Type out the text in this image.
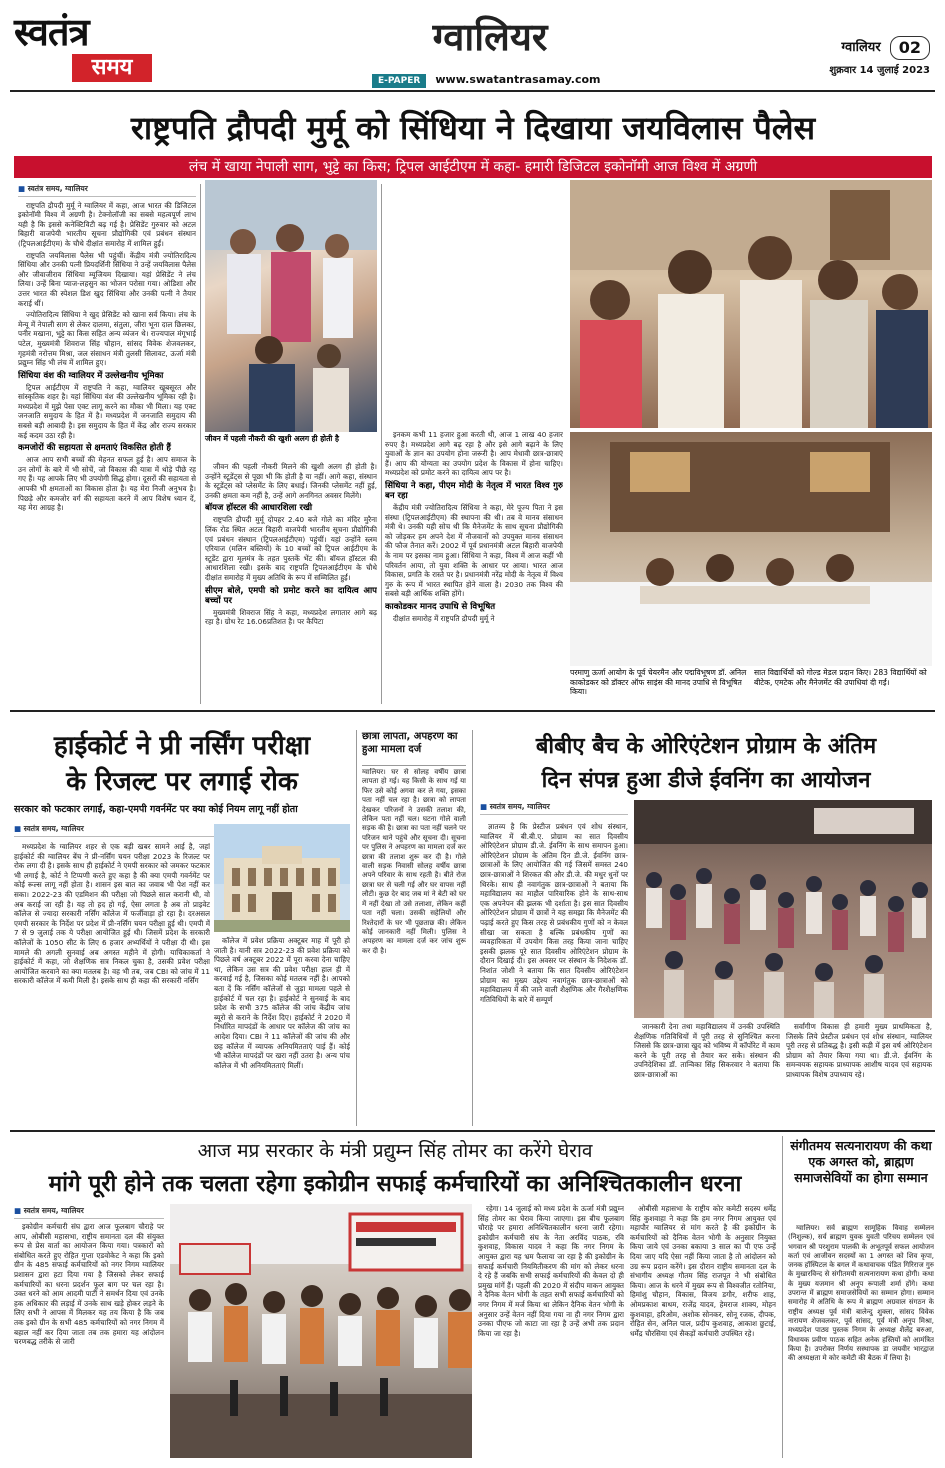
स्वतंत्र
समय
ग्वालियर
E-PAPER www.swatantrasamay.com
ग्वालियर 02
शुक्रवार 14 जुलाई 2023
राष्ट्रपति द्रौपदी मुर्मू को सिंधिया ने दिखाया जयविलास पैलेस
लंच में खाया नेपाली साग, भुट्टे का किस; ट्रिपल आईटीएम में कहा- हमारी डिजिटल इकोनॉमी आज विश्व में अग्रणी
■ स्वतंत्र समय, ग्वालियर

राष्ट्रपति द्रौपदी मुर्मू ने ग्वालियर में कहा, आज भारत की डिजिटल इकोनॉमी विश्व में अग्रणी है। टेक्नोलॉजी का सबसे महत्वपूर्ण लाभ यही है कि इससे कनेक्टिविटी बढ़ गई है। प्रेसिडेंट गुरुवार को अटल बिहारी वाजपेयी भारतीय सूचना प्रौद्योगिकी एवं प्रबंधन संस्थान (ट्रिपलआईटीएम) के चौथे दीक्षांत समारोह में शामिल हुईं।

राष्ट्रपति जयविलास पैलेस भी पहुंचीं। केंद्रीय मंत्री ज्योतिरादित्य सिंधिया और उनकी पत्नी प्रियदर्शिनी सिंधिया ने उन्हें जयविलास पैलेस और जीवाजीराव सिंधिया म्यूजियम दिखाया। यहां प्रेसिडेंट ने लंच लिया। उन्हें बिना प्याज-लहसुन का भोजन परोसा गया। ओडिशा और उत्तर भारत की स्पेशल डिश खुद सिंधिया और उनकी पत्नी ने तैयार कराई थीं।

ज्योतिरादित्य सिंधिया ने खुद प्रेसिडेंट को खाना सर्व किया। लंच के मेन्यू में नेपाली साग से लेकर दालमा, संतुला, जीरा भूना दाल छिलका, पनीर मखाना, भुट्टे का किस सहित अन्य व्यंजन थे। राज्यपाल मंगूभाई पटेल, मुख्यमंत्री शिवराज सिंह चौहान, सांसद विवेक शेजवलकर, गृहमंत्री नरोत्तम मिश्रा, जल संसाधन मंत्री तुलसी सिलावट, ऊर्जा मंत्री प्रद्युम्न सिंह भी लंच में शामिल हुए।

सिंधिया वंश की ग्वालियर में उल्लेखनीय भूमिका

ट्रिपल आईटीएम में राष्ट्रपति ने कहा, ग्वालियर खूबसूरत और सांस्कृतिक शहर है। यहां सिंधिया वंश की उल्लेखनीय भूमिका रही है। मध्यप्रदेश में मुझे पेसा एक्ट लागू करने का मौका भी मिला। यह एक्ट जनजाति समुदाय के हित में है। मध्यप्रदेश में जनजाति समुदाय की सबसे बड़ी आबादी है। इस समुदाय के हित में केंद्र और राज्य सरकार कई कदम उठा रही है।

कमजोरों की सहायता से क्षमताएं विकसित होती हैं

आज आप सभी बच्चों की मेहनत सफल हुई है। आप समाज के उन लोगों के बारे में भी सोचें, जो विकास की यात्रा में थोड़े पीछे रह गए हैं। यह आपके लिए भी उपयोगी सिद्ध होगा। दूसरों की सहायता से आपकी भी क्षमताओं का विकास होता है। यह मेरा निजी अनुभव है। पिछड़े और कमजोर वर्ग की सहायता करने में आप विशेष ध्यान दें, यह मेरा आग्रह है।

जीवन में पहली नौकरी की खुशी अलग ही होती है

जीवन की पहली नौकरी मिलने की खुशी अलग ही होती है। उन्होंने स्टूडेंट्स से पूछा भी कि होती है या नहीं। आगे कहा, संस्थान के स्टूडेंट्स को प्लेसमेंट के लिए बधाई। जिनकी प्लेसमेंट नहीं हुई, उनकी क्षमता कम नहीं है, उन्हें आगे अनगिनत अवसर मिलेंगे।

बॉयज हॉस्टल की आधारशिला रखी

राष्ट्रपति द्रौपदी मुर्मू दोपहर 2.40 बजे गोले का मंदिर मुरैना लिंक रोड स्थित अटल बिहारी वाजपेयी भारतीय सूचना प्रौद्योगिकी एवं प्रबंधन संस्थान (ट्रिपलआईटीएम) पहुंचीं। यहां उन्होंने स्लम एरियाज (मलिन बस्तियों) के 10 बच्चों को ट्रिपल आईटीएम के स्टूडेंट द्वारा मूलमंत्र के तहत पुस्तकें भेंट कीं। बॉयज हॉस्टल की आधारशिला रखी। इसके बाद राष्ट्रपति ट्रिपलआईटीएम के चौथे दीक्षांत समारोह में मुख्य अतिथि के रूप में सम्मिलित हुईं।

सीएम बोले, एमपी को प्रमोट करने का दायित्व आप बच्चों पर

मुख्यमंत्री शिवराज सिंह ने कहा, मध्यप्रदेश लगातार आगे बढ़ रहा है। ग्रोथ रेट 16.06प्रतिशत है। पर कैपिटा

इनकम कभी 11 हजार हुआ करती थी, आज 1 लाख 40 हजार रुपए है। मध्यप्रदेश आगे बढ़ रहा है और इसे आगे बढ़ाने के लिए युवाओं के ज्ञान का उपयोग होना जरूरी है। आप मेधावी छात्र-छात्राएं हैं। आप की योग्यता का उपयोग प्रदेश के विकास में होना चाहिए। मध्यप्रदेश को प्रमोट करने का दायित्व आप पर है।

सिंधिया ने कहा, पीएम मोदी के नेतृत्व में भारत विश्व गुरु बन रहा

केंद्रीय मंत्री ज्योतिरादित्य सिंधिया ने कहा, मेरे पूज्य पिता ने इस संस्था (ट्रिपलआईटीएम) की स्थापना की थी। तब वे मानव संसाधन मंत्री थे। उनकी यही सोच थी कि मैनेजमेंट के साथ सूचना प्रौद्योगिकी को जोड़कर हम अपने देश में नौजवानों को उपयुक्त मानव संसाधन की फौज तैनात करें। 2002 में पूर्व प्रधानमंत्री अटल बिहारी वाजपेयी के नाम पर इसका नाम हुआ। सिंधिया ने कहा, विश्व में आज कहीं भी परिवर्तन आया, तो युवा शक्ति के आधार पर आया। भारत आज विकास, प्रगति के रास्ते पर है। प्रधानमंत्री नरेंद्र मोदी के नेतृत्व में विश्व गुरु के रूप में भारत स्थापित होने वाला है। 2030 तक विश्व की सबसे बड़ी आर्थिक शक्ति होंगे।

काकोडकर मानद उपाधि से विभूषित

दीक्षांत समारोह में राष्ट्रपति द्रौपदी मुर्मू ने

परमाणु ऊर्जा आयोग के पूर्व चेयरमैन और पद्मविभूषण डॉ. अनिल काकोडकर को डॉक्टर ऑफ साइंस की मानद उपाधि से विभूषित किया।
सात विद्यार्थियों को गोल्ड मेडल प्रदान किए। 283 विद्यार्थियों को बीटेक, एमटेक और मैनेजमेंट की उपाधियां दी गईं।
हाईकोर्ट ने प्री नर्सिंग परीक्षा
के रिजल्ट पर लगाई रोक
सरकार को फटकार लगाई, कहा-एमपी गवर्नमेंट पर क्या कोई नियम लागू नहीं होता
■ स्वतंत्र समय, ग्वालियर
मध्यप्रदेश के ग्वालियर शहर से एक बड़ी खबर सामने आई है, जहां हाईकोर्ट की ग्वालियर बेंच ने प्री-नर्सिंग चयन परीक्षा 2023 के रिजल्ट पर रोक लगा दी है। इसके साथ ही हाईकोर्ट ने एमपी सरकार को जमकर फटकार भी लगाई है, कोर्ट ने टिप्पणी करते हुए कहा है की क्या एमपी गवर्नमेंट पर कोई रूल्स लागू नहीं होता है। शासन इस बात का जवाब भी पेश नहीं कर सका। 2022-23 की एडमिशन की परीक्षा जो पिछले साल करानी थी, वो अब कराई जा रही है। यह तो हद हो गई, ऐसा लगता है अब तो प्राइवेट कॉलेज से ज्यादा सरकारी नर्सिंग कॉलेज में फर्जीवाड़ा हो रहा है। दरअसल एमपी सरकार के निर्देश पर प्रदेश में प्री-नर्सिंग चयन परीक्षा हुई थी। एमपी में 7 से 9 जुलाई तक ये परीक्षा आयोजित हुई थी। जिसमें प्रदेश के सरकारी कॉलेजों के 1050 सीट के लिए 6 हजार अभ्यर्थियों ने परीक्षा दी थी। इस मामले की अगली सुनवाई अब अगस्त महीने में होगी। याचिकाकर्ता ने हाईकोर्ट में कहा, जो शैक्षणिक सत्र निकल चुका है, उसकी प्रवेश परीक्षा आयोजित करवाने का क्या मतलब है। वह भी तब, जब CBI को जांच में 11 सरकारी कॉलेज में कमी मिली है। इसके साथ ही कहा की सरकारी नर्सिंग
कॉलेज में प्रवेश प्रक्रिया अक्टूबर माह में पूरी हो जाती है। यानी सत्र 2022-23 की प्रवेश प्रक्रिया को पिछले वर्ष अक्टूबर 2022 में पूरा करवा देना चाहिए था, लेकिन उस सत्र की प्रवेश परीक्षा हाल ही में करवाई गई है, जिसका कोई मतलब नहीं है। आपको बता दें कि नर्सिंग कॉलेजों से जुड़ा मामला पहले से हाईकोर्ट में चल रहा है। हाईकोर्ट ने सुनवाई के बाद प्रदेश के सभी 375 कॉलेज की जांच केंद्रीय जांच ब्यूरो से कराने के निर्देश दिए। हाईकोर्ट ने 2020 में निर्धारित मापदंडों के आधार पर कॉलेज की जांच का आदेश दिया। CBI ने 11 कॉलेजों की जांच की और छह कॉलेज में व्यापक अनियमितताएं पाई हैं। कोई भी कॉलेज मापदंडों पर खरा नहीं उतरा है। अन्य पांच कॉलेज में भी अनियमितताएं मिलीं।
छात्रा लापता, अपहरण का हुआ मामला दर्ज
ग्वालियर। घर से सोलह वर्षीय छात्रा लापता हो गई। यह किसी के साथ गई या फिर उसे कोई अगवा कर ले गया, इसका पता नहीं चल रहा है। छात्रा को लापता देखकर परिजनों ने उसकी तलाश की, लेकिन पता नहीं चल। घटना गोले वाली सड़क की है। छात्रा का पता नहीं चलने पर परिजन थाने पहुंचे और सूचना दी। सूचना पर पुलिस ने अपहरण का मामला दर्ज कर छात्रा की तलाश शुरू कर दी है। गोले वाली सड़क निवासी सोलह वर्षीय छात्रा अपने परिवार के साथ रहती है। बीते रोज छात्रा घर से चली गई और घर वापस नहीं लौटी। कुछ देर बाद जब मां ने बेटी को घर में नहीं देखा तो उसे तलाशा, लेकिन कहीं पता नहीं चला। उसकी सहेलियों और रिश्तेदारों के घर भी पूछताछ की। लेकिन कोई जानकारी नहीं मिली। पुलिस ने अपहरण का मामला दर्ज कर जांच शुरू कर दी है।
बीबीए बैच के ओरिएंटेशन प्रोग्राम के अंतिम
दिन संपन्न हुआ डीजे ईवनिंग का आयोजन
■ स्वतंत्र समय, ग्वालियर
ज्ञातव्य है कि प्रेस्टीज प्रबंधन एवं शोध संस्थान, ग्वालियर में बी.बी.ए. प्रोग्राम का सात दिवसीय ओरिएंटेशन प्रोग्राम डी.जे. ईवनिंग के साथ समापन हुआ। ओरिएंटेशन प्रोग्राम के अंतिम दिन डी.जे. ईवनिंग छात्र-छात्राओं के लिए आयोजित की गई जिसमें समस्त 240 छात्र-छात्राओं ने शिरकत की और डी.जे. की मधुर धुनों पर थिरके। साथ ही नवागंतुक छात्र-छात्राओं ने बताया कि महाविद्यालय का माहौल पारिवारिक होने के साथ-साथ एक अपनेपन की झलक भी दर्शाता है। इस सात दिवसीय ओरिएंटेशन प्रोग्राम में छात्रों ने यह समझा कि मैनेजमेंट की पढ़ाई करते हुए किस तरह से प्रबंधकीय गुणों को न केवल सीखा जा सकता है बल्कि प्रबंधकीय गुणों का व्यवहारिकता में उपयोग किस तरह किया जाना चाहिए इसकी झलक पूरे सात दिवसीय ओरिएंटेशन प्रोग्राम के दौरान दिखाई दी। इस अवसर पर संस्थान के निदेशक डॉ. निशांत जोशी ने बताया कि सात दिवसीय ओरिएंटेशन प्रोग्राम का मुख्य उद्देश्य नवागंतुक छात्र-छात्राओं को महाविद्यालय में की जाने वाली शैक्षणिक और गैरशैक्षणिक गतिविधियों के बारे में सम्पूर्ण
जानकारी देना तथा महाविद्यालय में उनकी उपस्थिति शैक्षणिक गतिविधियों में पूरी तरह से सुनिश्चित करना जिससे कि छात्र-छात्रा खुद को भविष्य में कॉर्पोरेट में काम करने के पूरी तरह से तैयार कर सके। संस्थान की उपनिदेशिका डॉ. तान्विका सिंह सिकरवार ने बताया कि छात्र-छात्राओं का
सर्वांगीण विकास ही हमारी मुख्य प्राथमिकता है, जिसके लिये प्रेस्टीज प्रबंधन एवं शोध संस्थान, ग्वालियर पूरी तरह से प्रतिबद्ध है। इसी कड़ी में इस वर्ष ओरिएंटेशन प्रोग्राम को तैयार किया गया था। डी.जे. ईवनिंग के समन्वयक सहायक प्राध्यापक आशीष यादव एवं सहायक प्राध्यापक विशेष उपाध्याय रहे।
आज मप्र सरकार के मंत्री प्रद्युम्न सिंह तोमर का करेंगे घेराव
मांगे पूरी होने तक चलता रहेगा इकोग्रीन सफाई कर्मचारियों का अनिश्चितकालीन धरना
■ स्वतंत्र समय, ग्वालियर
इकोग्रीन कर्मचारी संघ द्वारा आज फूलबाग चौराहे पर आप, ओबीसी महासभा, राष्ट्रीय समानता दल की संयुक्त रूप से प्रेस वार्ता का आयोजन किया गया। पत्रकारों को संबोधित करते हुए रोहित गुप्ता एडवोकेट ने कहा कि इको ग्रीन के 485 सफाई कर्मचारियों को नगर निगम ग्वालियर प्रशासन द्वारा हटा दिया गया है जिसको लेकर सफाई कर्मचारियों का धरना प्रदर्शन फूल बाग पर चल रहा है। उक्त धरने को आम आदमी पार्टी ने समर्थन दिया एवं उनके हक अधिकार की लड़ाई में उनके साथ खड़े होकर लड़ने के लिए सभी ने आपस में मिलकर यह तय किया है कि जब तक इको ग्रीन के सभी 485 कर्मचारियों को नगर निगम में बहाल नहीं कर दिया जाता तब तक हमारा यह आंदोलन चरणबद्ध तरीके से जारी
रहेगा। 14 जुलाई को मध्य प्रदेश के ऊर्जा मंत्री प्रद्युम्न सिंह तोमर का घेराव किया जाएगा। इस बीच फूलबाग चौराहे पर हमारा अनिश्चितकालीन धरना जारी रहेगा। इकोग्रीन कर्मचारी संघ के नेता अरविंद पाठक, रवि कुशवाह, विकास यादव ने कहा कि नगर निगम के आयुक्त द्वारा यह भ्रम फैलाया जा रहा है की इकोग्रीन के सफाई कर्मचारी नियमितीकरण की मांग को लेकर धरना दे रहे हैं जबकि सभी सफाई कर्मचारियों की केवल दो ही प्रमुख मांगें हैं। पहली की 2020 में संदीप माकन आयुक्त ने दैनिक वेतन भोगी के तहत सभी सफाई कर्मचारियों को नगर निगम में मर्ज किया था लेकिन दैनिक वेतन भोगी के अनुसार उन्हें वेतन नहीं दिया गया ना ही नगर निगम द्वारा उनका पीएफ जो काटा जा रहा है उन्हें अभी तक प्रदान किया जा रहा है।
ओबीसी महासभा के राष्ट्रीय कोर कमेटी सदस्य धर्मेंद्र सिंह कुशवाहा ने कहा कि हम नगर निगम आयुक्त एवं महापौर ग्वालियर से मांग करते है की इकोग्रीन के कर्मचारियों को दैनिक वेतन भोगी के अनुसार नियुक्त किया जाये एवं उनका बकाया 3 साल का पी एफ उन्हें दिया जाए यदि ऐसा नहीं किया जाता है तो आंदोलन को उग्र रूप प्रदान करेंगे। इस दौरान राष्ट्रीय समानता दल के संभागीय अध्यक्ष गौतम सिंह राजपूत ने भी संबोधित किया। आज के धरने में मुख्य रूप से विश्वजीत रतोनिया, हिमांशु चौहान, विकास, विजय डगौर, शरीफ शाह, ओमप्रकाश बाथम, राजेंद्र यादव, हेमराज शाक्य, मोहन कुशवाहा, हरिओम, अशोक सोनकर, सोनू रजक, दीपक, रोहित सेन, अनिल पाल, प्रदीप कुशवाह, आकाश छुटाई, धर्मेंद्र चौरसिया एवं सैकड़ों कर्मचारी उपस्थित रहे।
संगीतमय सत्यनारायण की कथा एक अगस्त को, ब्राह्मण समाजसेवियों का होगा सम्मान
ग्वालियर। सर्व ब्राह्मण सामूहिक विवाह सम्मेलन (निशुल्क), सर्व ब्राह्मण युवक युवती परिचय सम्मेलन एवं भगवान श्री परशुराम पालकी के अभूतपूर्व सफल आयोजन कर्ता एवं आजीवन सदस्यों का 1 अगस्त को शिव कृपा, जनक हॉस्पिटल के बगल में कथावाचक पंडित गिरिराज गुरु के मुखारविन्द से संगीतमयी सत्यनारायण कथा होगी। कथा के मुख्य यजमान श्री अनूप रूपाली शर्मा होंगे। कथा उपरान्त में ब्राह्मण समाजसेवियों का सम्मान होगा। सम्मान समारोह मे अतिथि के रूप मे ब्राह्मण अग्रवाल संगठन के राष्ट्रीय अध्यक्ष पूर्व मंत्री बालेन्दु शुक्ला, सांसद विवेक नारायण शेजवलकर, पूर्व सांसद, पूर्व मंत्री अनूप मिश्रा, मध्यप्रदेश पाठ्य पुस्तक निगम के अध्यक्ष शैलेंद्र बरुआ, विधायक प्रवीण पाठक सहित अनेक हस्तियों को आमंत्रित किया है। उपरोक्त निर्णय सस्थापक डा जयवीर भारद्वाज की अध्यक्षता मे कोर कमेटी की बैठक में लिया है।
